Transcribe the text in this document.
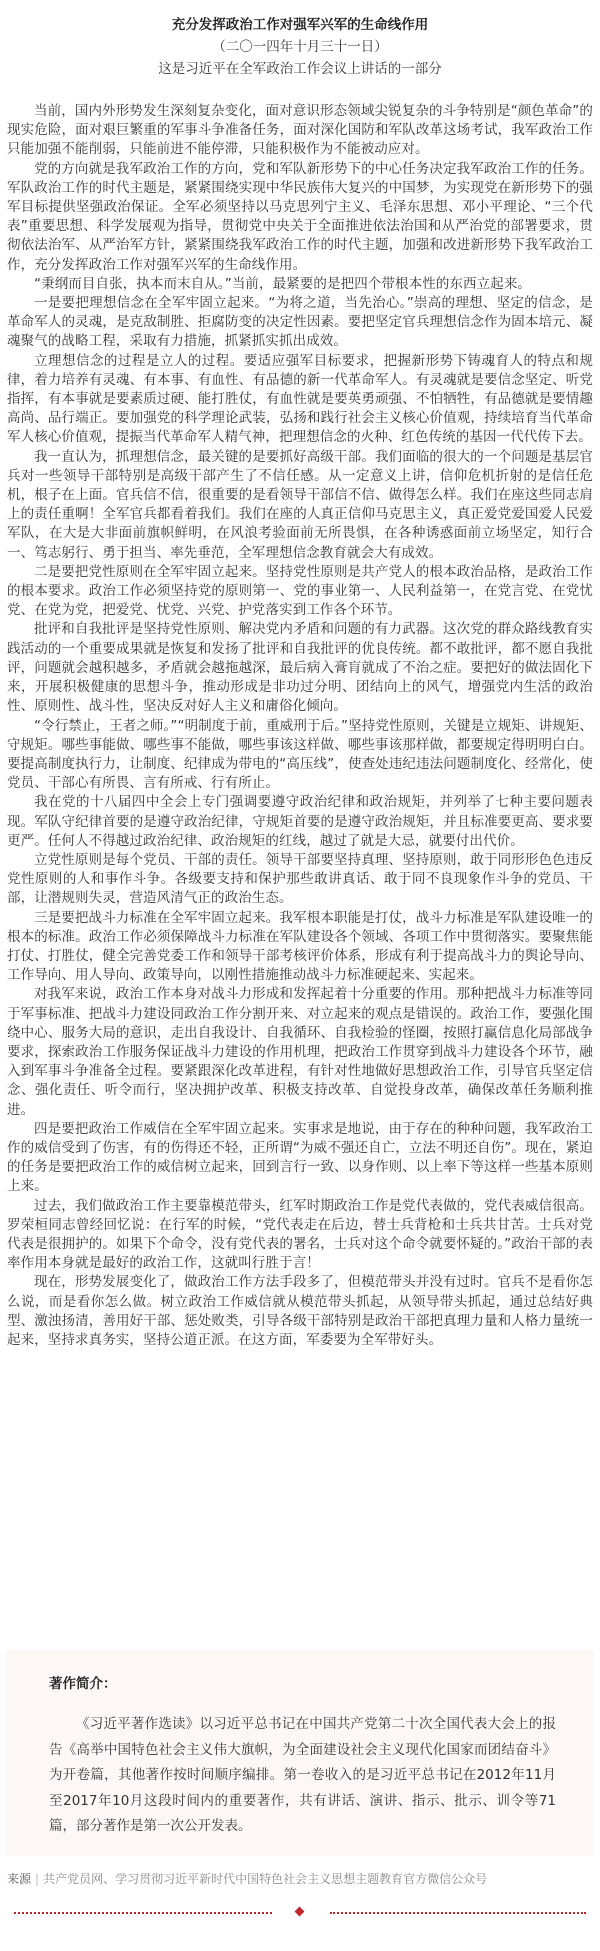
充分发挥政治工作对强军兴军的生命线作用

（二〇一四年十月三十一日）

这是习近平在全军政治工作会议上讲话的一部分

当前，国内外形势发生深刻复杂变化，面对意识形态领域尖锐复杂的斗争特别是“颜色革命”的现实危险，面对艰巨繁重的军事斗争准备任务，面对深化国防和军队改革这场考试，我军政治工作只能加强不能削弱，只能前进不能停滞，只能积极作为不能被动应对。

党的方向就是我军政治工作的方向，党和军队新形势下的中心任务决定我军政治工作的任务。军队政治工作的时代主题是，紧紧围绕实现中华民族伟大复兴的中国梦，为实现党在新形势下的强军目标提供坚强政治保证。全军必须坚持以马克思列宁主义、毛泽东思想、邓小平理论、“三个代表”重要思想、科学发展观为指导，贯彻党中央关于全面推进依法治国和从严治党的部署要求，贯彻依法治军、从严治军方针，紧紧围绕我军政治工作的时代主题，加强和改进新形势下我军政治工作，充分发挥政治工作对强军兴军的生命线作用。

“秉纲而目自张，执本而末自从。”当前，最紧要的是把四个带根本性的东西立起来。

一是要把理想信念在全军牢固立起来。“为将之道，当先治心。”崇高的理想、坚定的信念，是革命军人的灵魂，是克敌制胜、拒腐防变的决定性因素。要把坚定官兵理想信念作为固本培元、凝魂聚气的战略工程，采取有力措施，抓紧抓实抓出成效。

立理想信念的过程是立人的过程。要适应强军目标要求，把握新形势下铸魂育人的特点和规律，着力培养有灵魂、有本事、有血性、有品德的新一代革命军人。有灵魂就是要信念坚定、听党指挥，有本事就是要素质过硬、能打胜仗，有血性就是要英勇顽强、不怕牺牲，有品德就是要情趣高尚、品行端正。要加强党的科学理论武装，弘扬和践行社会主义核心价值观，持续培育当代革命军人核心价值观，提振当代革命军人精气神，把理想信念的火种、红色传统的基因一代代传下去。

我一直认为，抓理想信念，最关键的是要抓好高级干部。我们面临的很大的一个问题是基层官兵对一些领导干部特别是高级干部产生了不信任感。从一定意义上讲，信仰危机折射的是信任危机，根子在上面。官兵信不信，很重要的是看领导干部信不信、做得怎么样。我们在座这些同志肩上的责任重啊！全军官兵都看着我们。我们在座的人真正信仰马克思主义，真正爱党爱国爱人民爱军队，在大是大非面前旗帜鲜明，在风浪考验面前无所畏惧，在各种诱惑面前立场坚定，知行合一、笃志躬行、勇于担当、率先垂范，全军理想信念教育就会大有成效。

二是要把党性原则在全军牢固立起来。坚持党性原则是共产党人的根本政治品格，是政治工作的根本要求。政治工作必须坚持党的原则第一、党的事业第一、人民利益第一，在党言党、在党忧党、在党为党，把爱党、忧党、兴党、护党落实到工作各个环节。

批评和自我批评是坚持党性原则、解决党内矛盾和问题的有力武器。这次党的群众路线教育实践活动的一个重要成果就是恢复和发扬了批评和自我批评的优良传统。都不敢批评，都不愿自我批评，问题就会越积越多，矛盾就会越拖越深，最后病入膏肓就成了不治之症。要把好的做法固化下来，开展积极健康的思想斗争，推动形成是非功过分明、团结向上的风气，增强党内生活的政治性、原则性、战斗性，坚决反对好人主义和庸俗化倾向。

“令行禁止，王者之师。”“明制度于前，重威刑于后。”坚持党性原则，关键是立规矩、讲规矩、守规矩。哪些事能做、哪些事不能做，哪些事该这样做、哪些事该那样做，都要规定得明明白白。要提高制度执行力，让制度、纪律成为带电的“高压线”，使查处违纪违法问题制度化、经常化，使党员、干部心有所畏、言有所戒、行有所止。

我在党的十八届四中全会上专门强调要遵守政治纪律和政治规矩，并列举了七种主要问题表现。军队守纪律首要的是遵守政治纪律，守规矩首要的是遵守政治规矩，并且标准要更高、要求要更严。任何人不得越过政治纪律、政治规矩的红线，越过了就是大忌，就要付出代价。

立党性原则是每个党员、干部的责任。领导干部要坚持真理、坚持原则，敢于同形形色色违反党性原则的人和事作斗争。各级要支持和保护那些敢讲真话、敢于同不良现象作斗争的党员、干部，让潜规则失灵，营造风清气正的政治生态。

三是要把战斗力标准在全军牢固立起来。我军根本职能是打仗，战斗力标准是军队建设唯一的根本的标准。政治工作必须保障战斗力标准在军队建设各个领域、各项工作中贯彻落实。要聚焦能打仗、打胜仗，健全完善党委工作和领导干部考核评价体系，形成有利于提高战斗力的舆论导向、工作导向、用人导向、政策导向，以刚性措施推动战斗力标准硬起来、实起来。

对我军来说，政治工作本身对战斗力形成和发挥起着十分重要的作用。那种把战斗力标准等同于军事标准、把战斗力建设同政治工作分割开来、对立起来的观点是错误的。政治工作，要强化围绕中心、服务大局的意识，走出自我设计、自我循环、自我检验的怪圈，按照打赢信息化局部战争要求，探索政治工作服务保证战斗力建设的作用机理，把政治工作贯穿到战斗力建设各个环节，融入到军事斗争准备全过程。要紧跟深化改革进程，有针对性地做好思想政治工作，引导官兵坚定信念、强化责任、听令而行，坚决拥护改革、积极支持改革、自觉投身改革，确保改革任务顺利推进。

四是要把政治工作威信在全军牢固立起来。实事求是地说，由于存在的种种问题，我军政治工作的威信受到了伤害，有的伤得还不轻，正所谓“为威不强还自亡，立法不明还自伤”。现在，紧迫的任务是要把政治工作的威信树立起来，回到言行一致、以身作则、以上率下等这样一些基本原则上来。

过去，我们做政治工作主要靠模范带头，红军时期政治工作是党代表做的，党代表威信很高。罗荣桓同志曾经回忆说：在行军的时候，“党代表走在后边，替士兵背枪和士兵共甘苦。士兵对党代表是很拥护的。如果下个命令，没有党代表的署名，士兵对这个命令就要怀疑的。”政治干部的表率作用本身就是最好的政治工作，这就叫行胜于言！

现在，形势发展变化了，做政治工作方法手段多了，但模范带头并没有过时。官兵不是看你怎么说，而是看你怎么做。树立政治工作威信就从模范带头抓起，从领导带头抓起，通过总结好典型、激浊扬清，善用好干部、惩处败类，引导各级干部特别是政治干部把真理力量和人格力量统一起来，坚持求真务实，坚持公道正派。在这方面，军委要为全军带好头。

著作简介：

《习近平著作选读》以习近平总书记在中国共产党第二十次全国代表大会上的报告《高举中国特色社会主义伟大旗帜，为全面建设社会主义现代化国家而团结奋斗》为开卷篇，其他著作按时间顺序编排。第一卷收入的是习近平总书记在2012年11月至2017年10月这段时间内的重要著作，共有讲话、演讲、指示、批示、训令等71篇，部分著作是第一次公开发表。

来源 | 共产党员网、学习贯彻习近平新时代中国特色社会主义思想主题教育官方微信公众号
